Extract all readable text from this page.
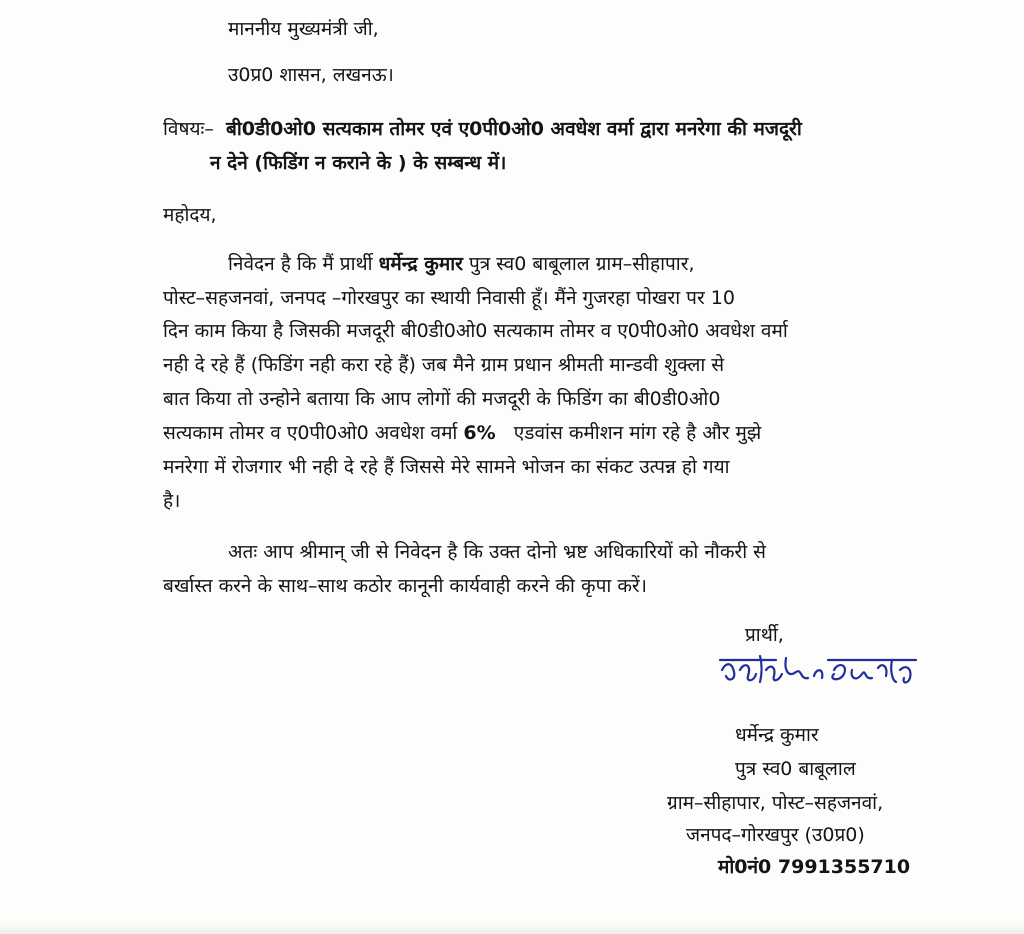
माननीय मुख्यमंत्री जी,
उ0प्र0 शासन, लखनऊ।
विषयः– बी0डी0ओ0 सत्यकाम तोमर एवं ए0पी0ओ0 अवधेश वर्मा द्वारा मनरेगा की मजदूरी
न देने (फिडिंग न कराने के ) के सम्बन्ध में।
महोदय,
निवेदन है कि मैं प्रार्थी धर्मेन्द्र कुमार पुत्र स्व0 बाबूलाल ग्राम–सीहापार,
पोस्ट–सहजनवां, जनपद –गोरखपुर का स्थायी निवासी हूँ। मैंने गुजरहा पोखरा पर 10
दिन काम किया है जिसकी मजदूरी बी0डी0ओ0 सत्यकाम तोमर व ए0पी0ओ0 अवधेश वर्मा
नही दे रहे हैं (फिडिंग नही करा रहे हैं) जब मैने ग्राम प्रधान श्रीमती मान्डवी शुक्ला से
बात किया तो उन्होने बताया कि आप लोगों की मजदूरी के फिडिंग का बी0डी0ओ0
सत्यकाम तोमर व ए0पी0ओ0 अवधेश वर्मा 6% एडवांस कमीशन मांग रहे है और मुझे
मनरेगा में रोजगार भी नही दे रहे हैं जिससे मेरे सामने भोजन का संकट उत्पन्न हो गया
है।
अतः आप श्रीमान् जी से निवेदन है कि उक्त दोनो भ्रष्ट अधिकारियों को नौकरी से
बर्खास्त करने के साथ–साथ कठोर कानूनी कार्यवाही करने की कृपा करें।
प्रार्थी,
धर्मेन्द्र कुमार
पुत्र स्व0 बाबूलाल
ग्राम–सीहापार, पोस्ट–सहजनवां,
जनपद–गोरखपुर (उ0प्र0)
मो0नं0 7991355710
